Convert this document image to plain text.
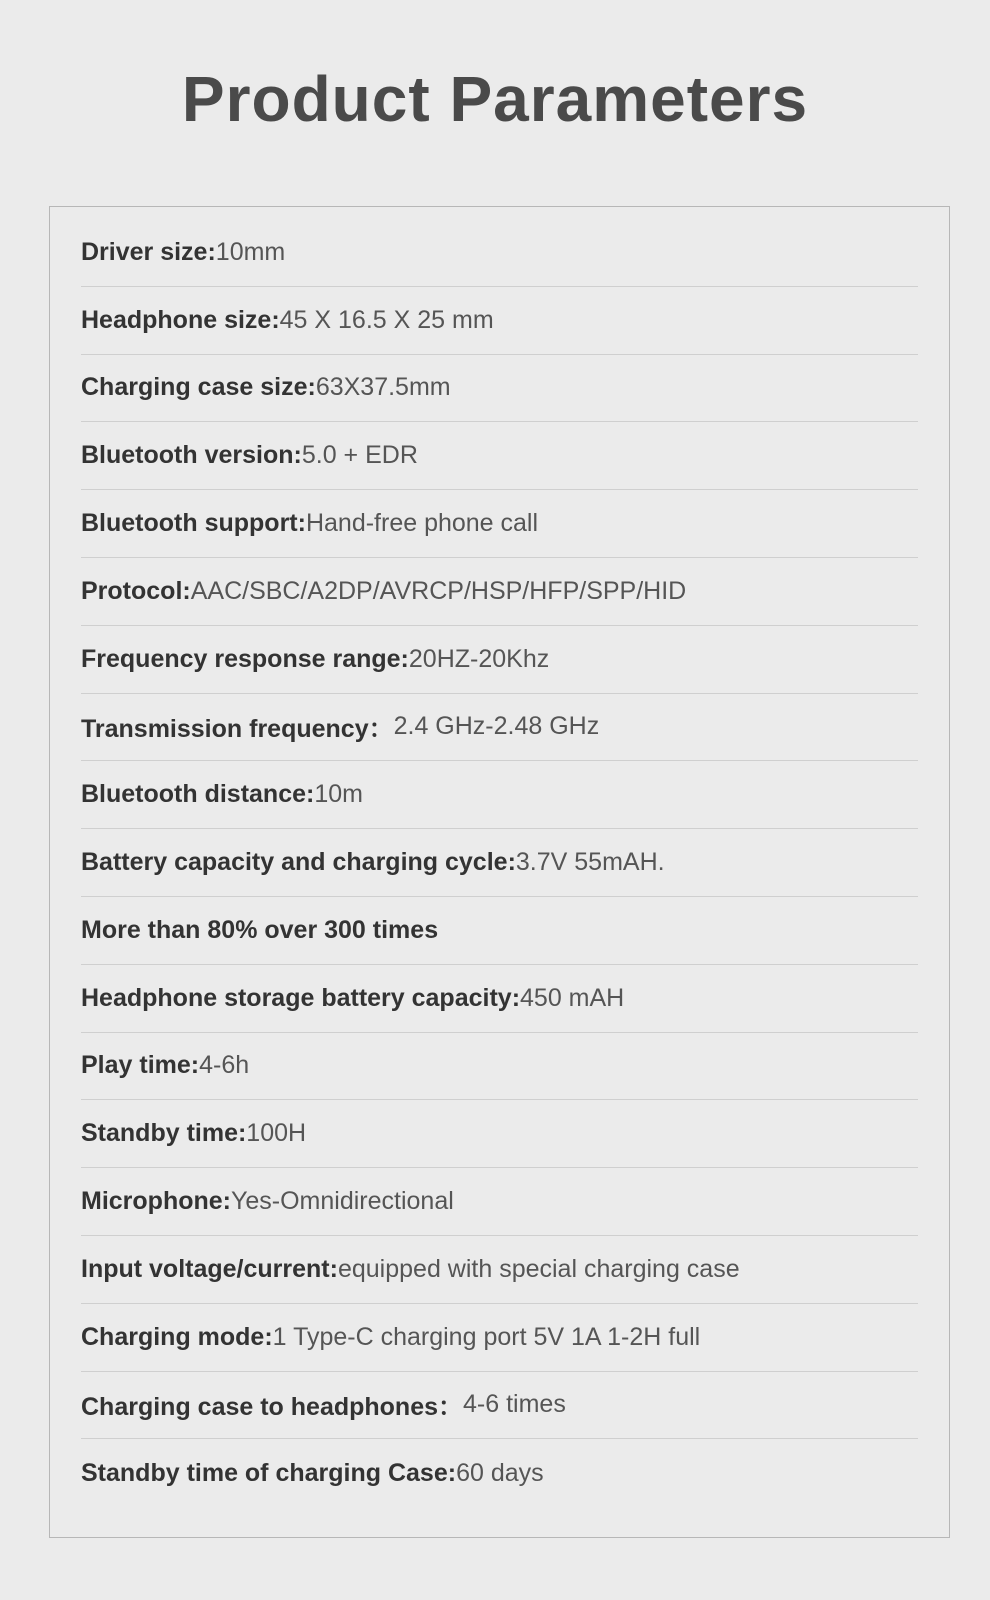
Product Parameters
Driver size: 10mm
Headphone size: 45 X 16.5 X 25 mm
Charging case size: 63X37.5mm
Bluetooth version: 5.0 + EDR
Bluetooth support: Hand-free phone call
Protocol: AAC/SBC/A2DP/AVRCP/HSP/HFP/SPP/HID
Frequency response range: 20HZ-20Khz
Transmission frequency： 2.4 GHz-2.48 GHz
Bluetooth distance: 10m
Battery capacity and charging cycle: 3.7V 55mAH.
More than 80% over 300 times
Headphone storage battery capacity: 450 mAH
Play time: 4-6h
Standby time: 100H
Microphone: Yes-Omnidirectional
Input voltage/current: equipped with special charging case
Charging mode: 1 Type-C charging port 5V 1A 1-2H full
Charging case to headphones： 4-6 times
Standby time of charging Case: 60 days
